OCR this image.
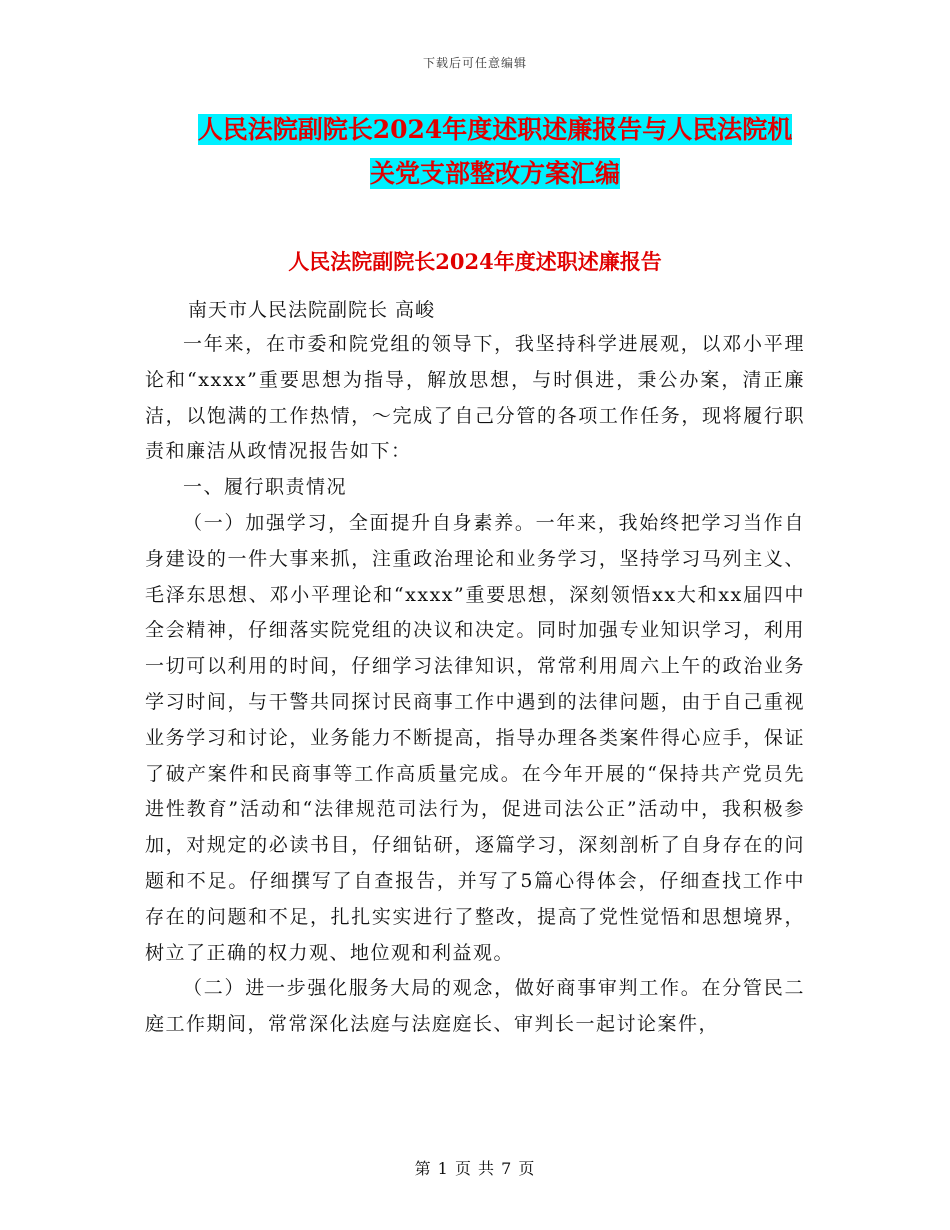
下载后可任意编辑
人民法院副院长2024年度述职述廉报告与人民法院机
关党支部整改方案汇编
人民法院副院长2024年度述职述廉报告
南天市人民法院副院长 高峻

一年来，在市委和院党组的领导下，我坚持科学进展观，以邓小平理论和“xxxx”重要思想为指导，解放思想，与时俱进，秉公办案，清正廉洁，以饱满的工作热情，～完成了自己分管的各项工作任务，现将履行职责和廉洁从政情况报告如下：

一、履行职责情况

（一）加强学习，全面提升自身素养。一年来，我始终把学习当作自身建设的一件大事来抓，注重政治理论和业务学习，坚持学习马列主义、毛泽东思想、邓小平理论和“xxxx”重要思想，深刻领悟xx大和xx届四中全会精神，仔细落实院党组的决议和决定。同时加强专业知识学习，利用一切可以利用的时间，仔细学习法律知识，常常利用周六上午的政治业务学习时间，与干警共同探讨民商事工作中遇到的法律问题，由于自己重视业务学习和讨论，业务能力不断提高，指导办理各类案件得心应手，保证了破产案件和民商事等工作高质量完成。在今年开展的“保持共产党员先进性教育”活动和“法律规范司法行为，促进司法公正”活动中，我积极参加，对规定的必读书目，仔细钻研，逐篇学习，深刻剖析了自身存在的问题和不足。仔细撰写了自查报告，并写了5篇心得体会，仔细查找工作中存在的问题和不足，扎扎实实进行了整改，提高了党性觉悟和思想境界，树立了正确的权力观、地位观和利益观。

（二）进一步强化服务大局的观念，做好商事审判工作。在分管民二庭工作期间，常常深化法庭与法庭庭长、审判长一起讨论案件，

第 1 页 共 7 页
